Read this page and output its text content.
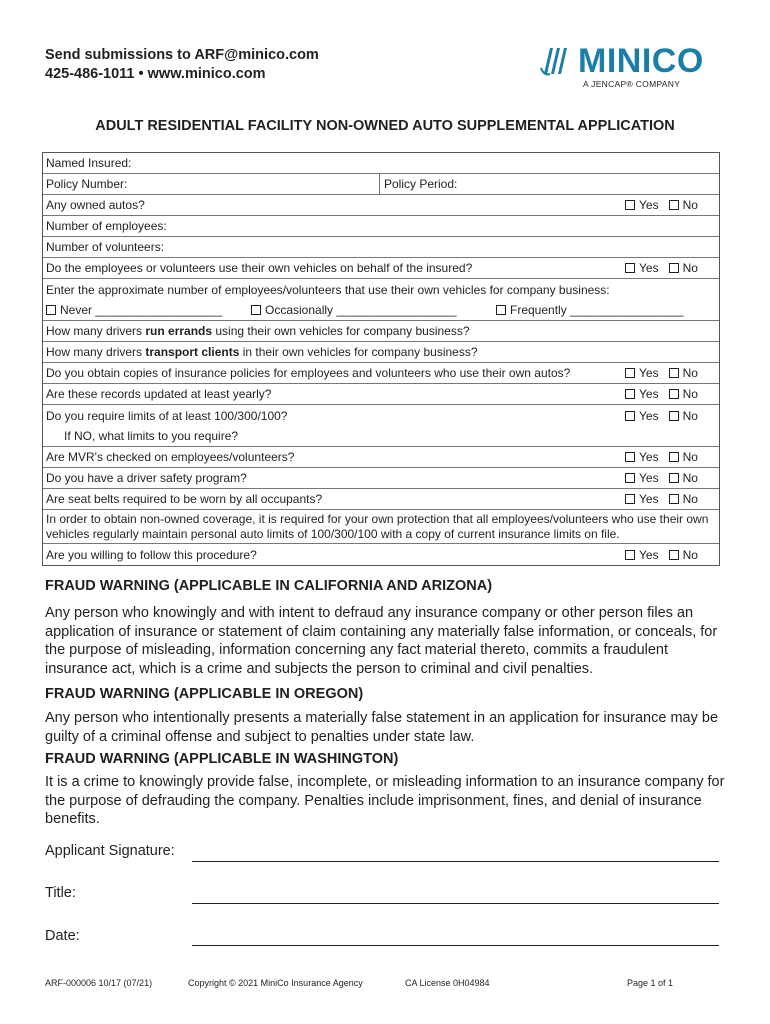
Send submissions to ARF@minico.com
425-486-1011 • www.minico.com	MINICO
A JENCAP® COMPANY
ADULT RESIDENTIAL FACILITY NON-OWNED AUTO SUPPLEMENTAL APPLICATION
Named Insured:
Policy Number:	Policy Period:
Any owned autos?	Yes	No
Number of employees:
Number of volunteers:
Do the employees or volunteers use their own vehicles on behalf of the insured?	Yes	No
Enter the approximate number of employees/volunteers that use their own vehicles for company business:
Never ___________________	Occasionally __________________	Frequently _________________
How many drivers run errands using their own vehicles for company business?
How many drivers transport clients in their own vehicles for company business?
Do you obtain copies of insurance policies for employees and volunteers who use their own autos?	Yes	No
Are these records updated at least yearly?	Yes	No
Do you require limits of at least 100/300/100?	Yes	No
If NO, what limits to you require?
Are MVR's checked on employees/volunteers?	Yes	No
Do you have a driver safety program?	Yes	No
Are seat belts required to be worn by all occupants?	Yes	No
In order to obtain non-owned coverage, it is required for your own protection that all employees/volunteers who use their own vehicles regularly maintain personal auto limits of 100/300/100 with a copy of current insurance limits on file.
Are you willing to follow this procedure?	Yes	No
FRAUD WARNING (APPLICABLE IN CALIFORNIA AND ARIZONA)
Any person who knowingly and with intent to defraud any insurance company or other person files an application of insurance or statement of claim containing any materially false information, or conceals, for the purpose of misleading, information concerning any fact material thereto, commits a fraudulent insurance act, which is a crime and subjects the person to criminal and civil penalties.
FRAUD WARNING (APPLICABLE IN OREGON)
Any person who intentionally presents a materially false statement in an application for insurance may be guilty of a criminal offense and subject to penalties under state law.
FRAUD WARNING (APPLICABLE IN WASHINGTON)
It is a crime to knowingly provide false, incomplete, or misleading information to an insurance company for the purpose of defrauding the company. Penalties include imprisonment, fines, and denial of insurance benefits.
Applicant Signature:
Title:
Date:
ARF-000006 10/17 (07/21)	Copyright © 2021 MiniCo Insurance Agency	CA License 0H04984	Page 1 of 1
